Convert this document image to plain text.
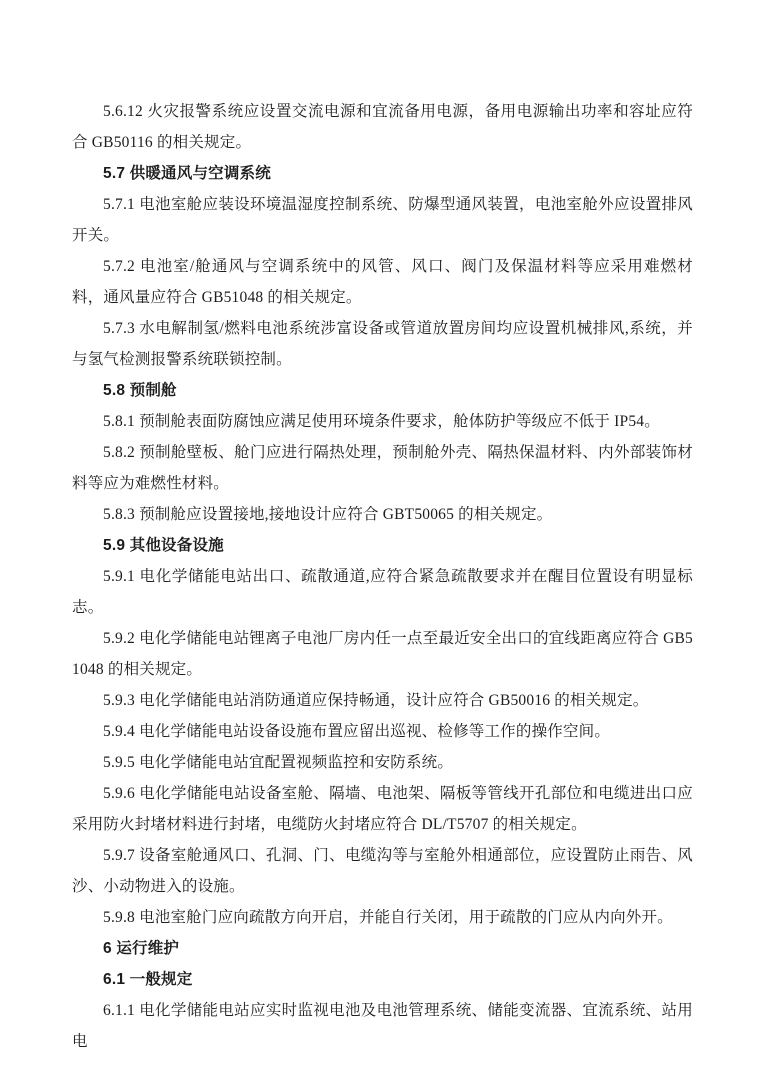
5.6.12 火灾报警系统应设置交流电源和宜流备用电源，备用电源输出功率和容址应符合 GB50116 的相关规定。

5.7 供暖通风与空调系统

5.7.1 电池室舱应装设环境温湿度控制系统、防爆型通风装置，电池室舱外应设置排风开关。

5.7.2 电池室/舱通风与空调系统中的风管、风口、阀门及保温材料等应采用难燃材料，通风量应符合 GB51048 的相关规定。

5.7.3 水电解制氢/燃料电池系统涉富设备或管道放置房间均应设置机械排风,系统，并与氢气检测报警系统联锁控制。

5.8 预制舱

5.8.1 预制舱表面防腐蚀应满足使用环境条件要求，舱体防护等级应不低于 IP54。

5.8.2 预制舱壁板、舱门应进行隔热处理，预制舱外壳、隔热保温材料、内外部装饰材料等应为难燃性材料。

5.8.3 预制舱应设置接地,接地设计应符合 GBT50065 的相关规定。

5.9 其他设备设施

5.9.1 电化学储能电站出口、疏散通道,应符合紧急疏散要求并在醒目位置设有明显标志。

5.9.2 电化学储能电站锂离子电池厂房内任一点至最近安全出口的宜线距离应符合 GB51048 的相关规定。

5.9.3 电化学储能电站消防通道应保持畅通，设计应符合 GB50016 的相关规定。

5.9.4 电化学储能电站设备设施布置应留出巡视、检修等工作的操作空间。

5.9.5 电化学储能电站宜配置视频监控和安防系统。

5.9.6 电化学储能电站设备室舱、隔墙、电池架、隔板等管线开孔部位和电缆进出口应采用防火封堵材料进行封堵，电缆防火封堵应符合 DL/T5707 的相关规定。

5.9.7 设备室舱通风口、孔洞、门、电缆沟等与室舱外相通部位，应设置防止雨告、风沙、小动物进入的设施。

5.9.8 电池室舱门应向疏散方向开启，并能自行关闭，用于疏散的门应从内向外开。

6 运行维护

6.1 一般规定

6.1.1 电化学储能电站应实时监视电池及电池管理系统、储能变流器、宜流系统、站用电
